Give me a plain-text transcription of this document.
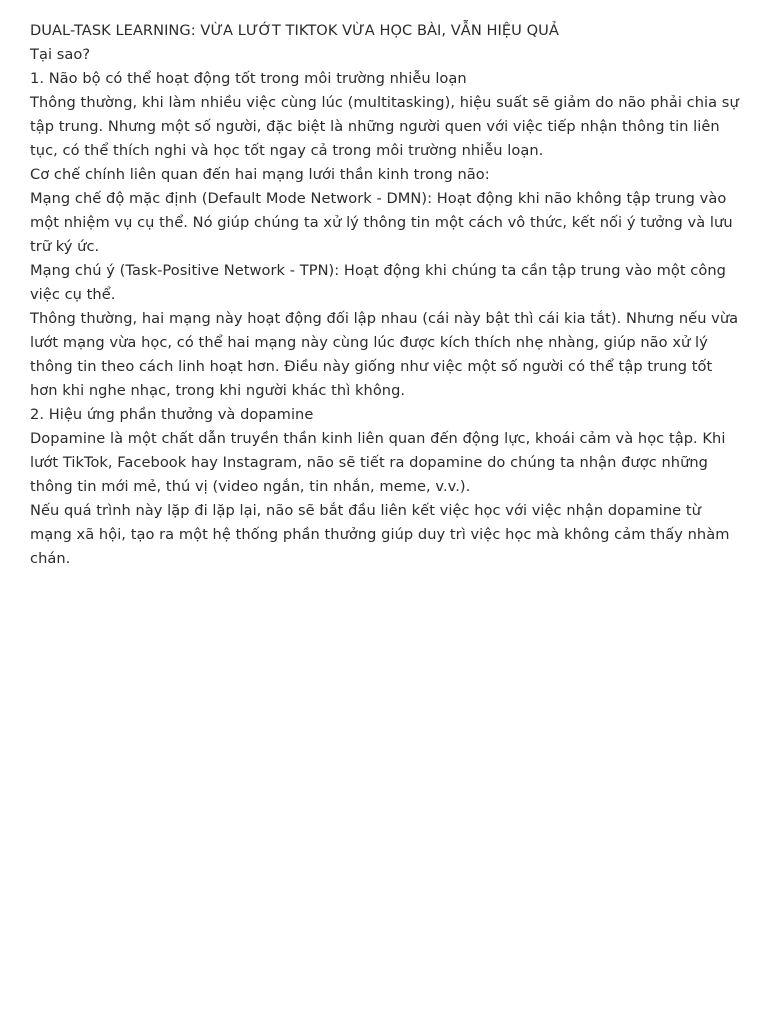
DUAL-TASK LEARNING: VỪA LƯỚT TIKTOK VỪA HỌC BÀI, VẪN HIỆU QUẢ

Tại sao?

1. Não bộ có thể hoạt động tốt trong môi trường nhiễu loạn

Thông thường, khi làm nhiều việc cùng lúc (multitasking), hiệu suất sẽ giảm do não phải chia sự tập trung. Nhưng một số người, đặc biệt là những người quen với việc tiếp nhận thông tin liên tục, có thể thích nghi và học tốt ngay cả trong môi trường nhiễu loạn.

Cơ chế chính liên quan đến hai mạng lưới thần kinh trong não:

Mạng chế độ mặc định (Default Mode Network - DMN): Hoạt động khi não không tập trung vào một nhiệm vụ cụ thể. Nó giúp chúng ta xử lý thông tin một cách vô thức, kết nối ý tưởng và lưu trữ ký ức.

Mạng chú ý (Task-Positive Network - TPN): Hoạt động khi chúng ta cần tập trung vào một công việc cụ thể.

Thông thường, hai mạng này hoạt động đối lập nhau (cái này bật thì cái kia tắt). Nhưng nếu vừa lướt mạng vừa học, có thể hai mạng này cùng lúc được kích thích nhẹ nhàng, giúp não xử lý thông tin theo cách linh hoạt hơn. Điều này giống như việc một số người có thể tập trung tốt hơn khi nghe nhạc, trong khi người khác thì không.

2. Hiệu ứng phần thưởng và dopamine

Dopamine là một chất dẫn truyền thần kinh liên quan đến động lực, khoái cảm và học tập. Khi lướt TikTok, Facebook hay Instagram, não sẽ tiết ra dopamine do chúng ta nhận được những thông tin mới mẻ, thú vị (video ngắn, tin nhắn, meme, v.v.).

Nếu quá trình này lặp đi lặp lại, não sẽ bắt đầu liên kết việc học với việc nhận dopamine từ mạng xã hội, tạo ra một hệ thống phần thưởng giúp duy trì việc học mà không cảm thấy nhàm chán.
